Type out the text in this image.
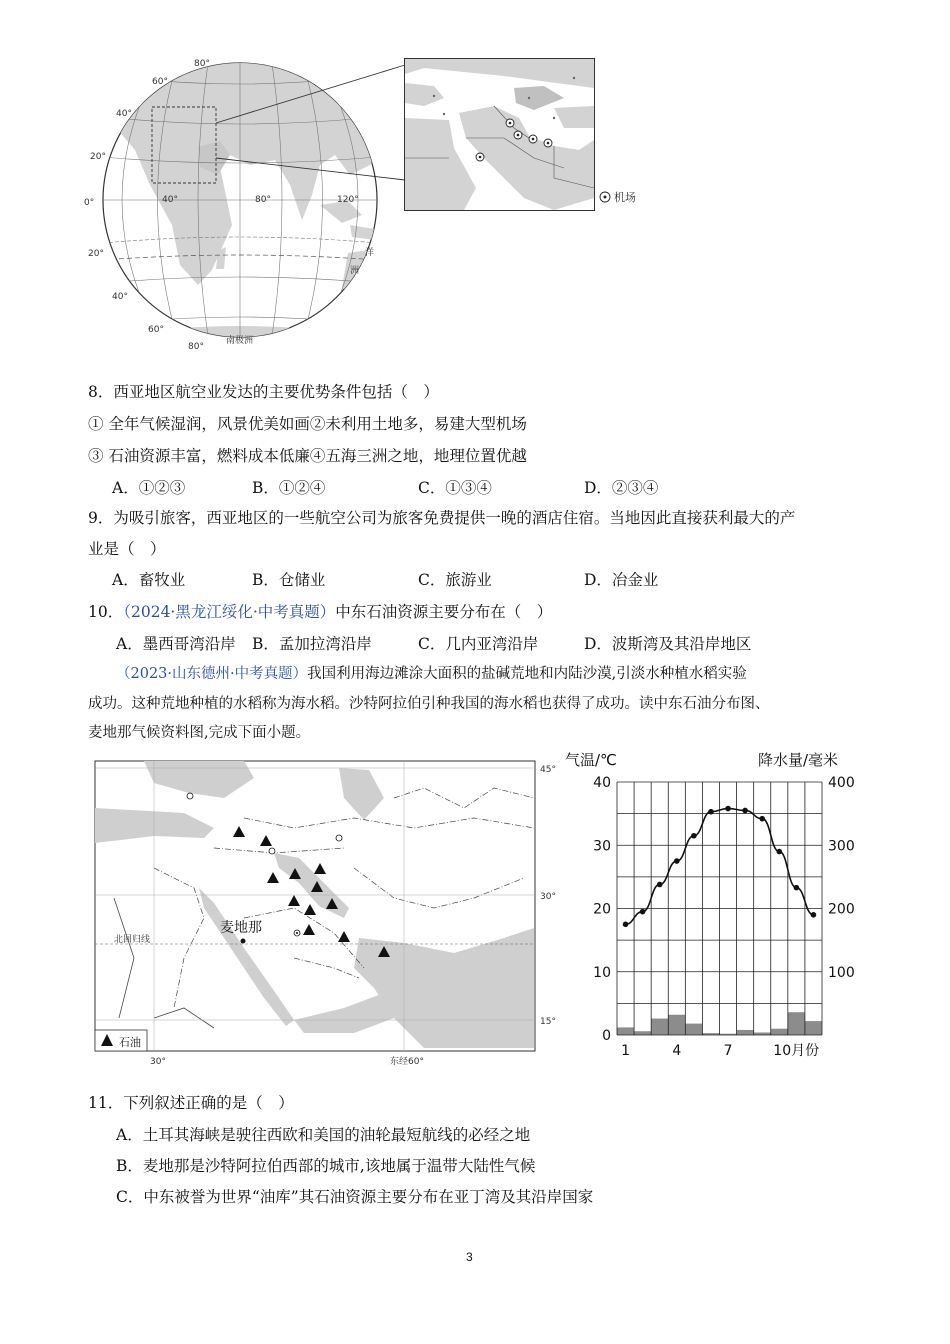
80°
60°
40°
20°
0°
20°
40°
60°
80°
40°	80°	120°
洋
洲
南极洲
机场
8．西亚地区航空业发达的主要优势条件包括（　）
① 全年气候湿润，风景优美如画②未利用土地多，易建大型机场
③ 石油资源丰富，燃料成本低廉④五海三洲之地，地理位置优越
A．①②③	B．①②④	C．①③④	D．②③④
9．为吸引旅客，西亚地区的一些航空公司为旅客免费提供一晚的酒店住宿。当地因此直接获利最大的产
业是（　）
A．畜牧业	B．仓储业	C．旅游业	D．冶金业
10．（2024·黑龙江绥化·中考真题）中东石油资源主要分布在（　）
A．墨西哥湾沿岸 B．孟加拉湾沿岸	C．几内亚湾沿岸	D．波斯湾及其沿岸地区
（2023·山东德州·中考真题）我国利用海边滩涂大面积的盐碱荒地和内陆沙漠,引淡水种植水稻实验
成功。这种荒地种植的水稻称为海水稻。沙特阿拉伯引种我国的海水稻也获得了成功。读中东石油分布图、
麦地那气候资料图,完成下面小题。
麦地那
北回归线
45°
30°
15°
30°	东经60°
石油	0
10
20
30
40
100
200
300
400
1	4	7	10月份
气温/℃	降水量/毫米
11．下列叙述正确的是（　）
A．土耳其海峡是驶往西欧和美国的油轮最短航线的必经之地
B．麦地那是沙特阿拉伯西部的城市,该地属于温带大陆性气候
C．中东被誉为世界“油库”其石油资源主要分布在亚丁湾及其沿岸国家
3
